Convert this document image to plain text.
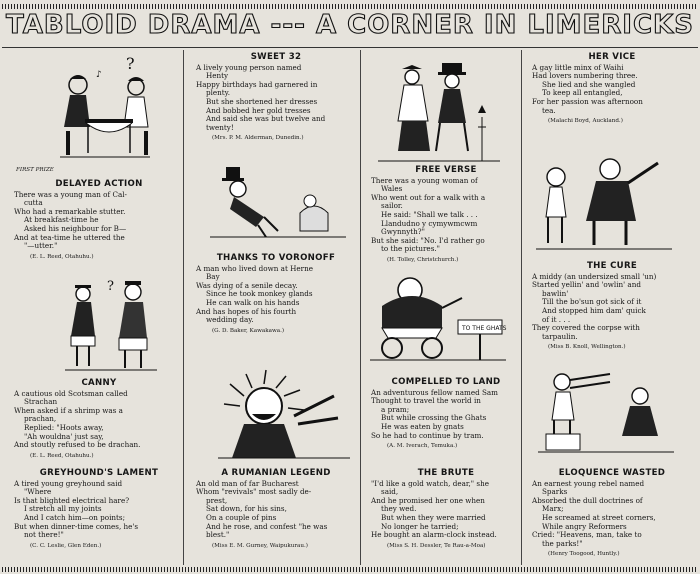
TABLOID DRAMA --- A CORNER IN LIMERICKS
?
♪
?
TO THE GHATS
FIRST PRIZE
DELAYED ACTION
There was a young man of Cal-
cutta
Who had a remarkable stutter.
At breakfast-time he
Asked his neighbour for B—
And at tea-time he uttered the
"—utter."
(E. L. Reed, Otahuhu.)
CANNY
A cautious old Scotsman called
Strachan
When asked if a shrimp was a
prachan,
Replied: "Hoots away,
"Ah wouldna' just say,
And stoutly refused to be drachan.
(E. L. Reed, Otahuhu.)
GREYHOUND'S LAMENT
A tired young greyhound said
"Where
Is that blighted electrical hare?
I stretch all my joints
And I catch him—on points;
But when dinner-time comes, he's
not there!"
(C. C. Leslie, Glen Eden.)
SWEET 32
A lively young person named
Henty
Happy birthdays had garnered in
plenty.
But she shortened her dresses
And bobbed her gold tresses
And said she was but twelve and
twenty!
(Mrs. P. M. Alderman, Dunedin.)
THANKS TO VORONOFF
A man who lived down at Herne
Bay
Was dying of a senile decay.
Since he took monkey glands
He can walk on his hands
And has hopes of his fourth
wedding day.
(G. D. Baker, Kawakawa.)
A RUMANIAN LEGEND
An old man of far Bucharest
Whom "revivals" most sadly de-
prest,
Sat down, for his sins,
On a couple of pins
And he rose, and confest "he was
blest."
(Miss E. M. Gurney, Waipukurau.)
FREE VERSE
There was a young woman of
Wales
Who went out for a walk with a
sailor.
He said: "Shall we talk . . .
Llandudno y cymywmcwm
Gwynnyth?"
But she said: "No. I'd rather go
to the pictures."
(H. Tolley, Christchurch.)
COMPELLED TO LAND
An adventurous fellow named Sam
Thought to travel the world in
a pram;
But while crossing the Ghats
He was eaten by gnats
So he had to continue by tram.
(A. M. Iverach, Temuka.)
THE BRUTE
"I'd like a gold watch, dear," she
said,
And he promised her one when
they wed.
But when they were married
No longer he tarried;
He bought an alarm-clock instead.
(Miss S. H. Dessler, Te Rau-a-Moa)
HER VICE
A gay little minx of Waihi
Had lovers numbering three.
She lied and she wangled
To keep all entangled,
For her passion was afternoon
tea.
(Malachi Boyd, Auckland.)
THE CURE
A middy (an undersized small 'un)
Started yellin' and 'owlin' and
bawlin'
Till the bo'sun got sick of it
And stopped him dam' quick
of it . . .
They covered the corpse with
tarpaulin.
(Miss B. Knoll, Wellington.)
ELOQUENCE WASTED
An earnest young rebel named
Sparks
Absorbed the dull doctrines of
Marx;
He screamed at street corners,
While angry Reformers
Cried: "Heavens, man, take to
the parks!"
(Henry Toogood, Huntly.)
